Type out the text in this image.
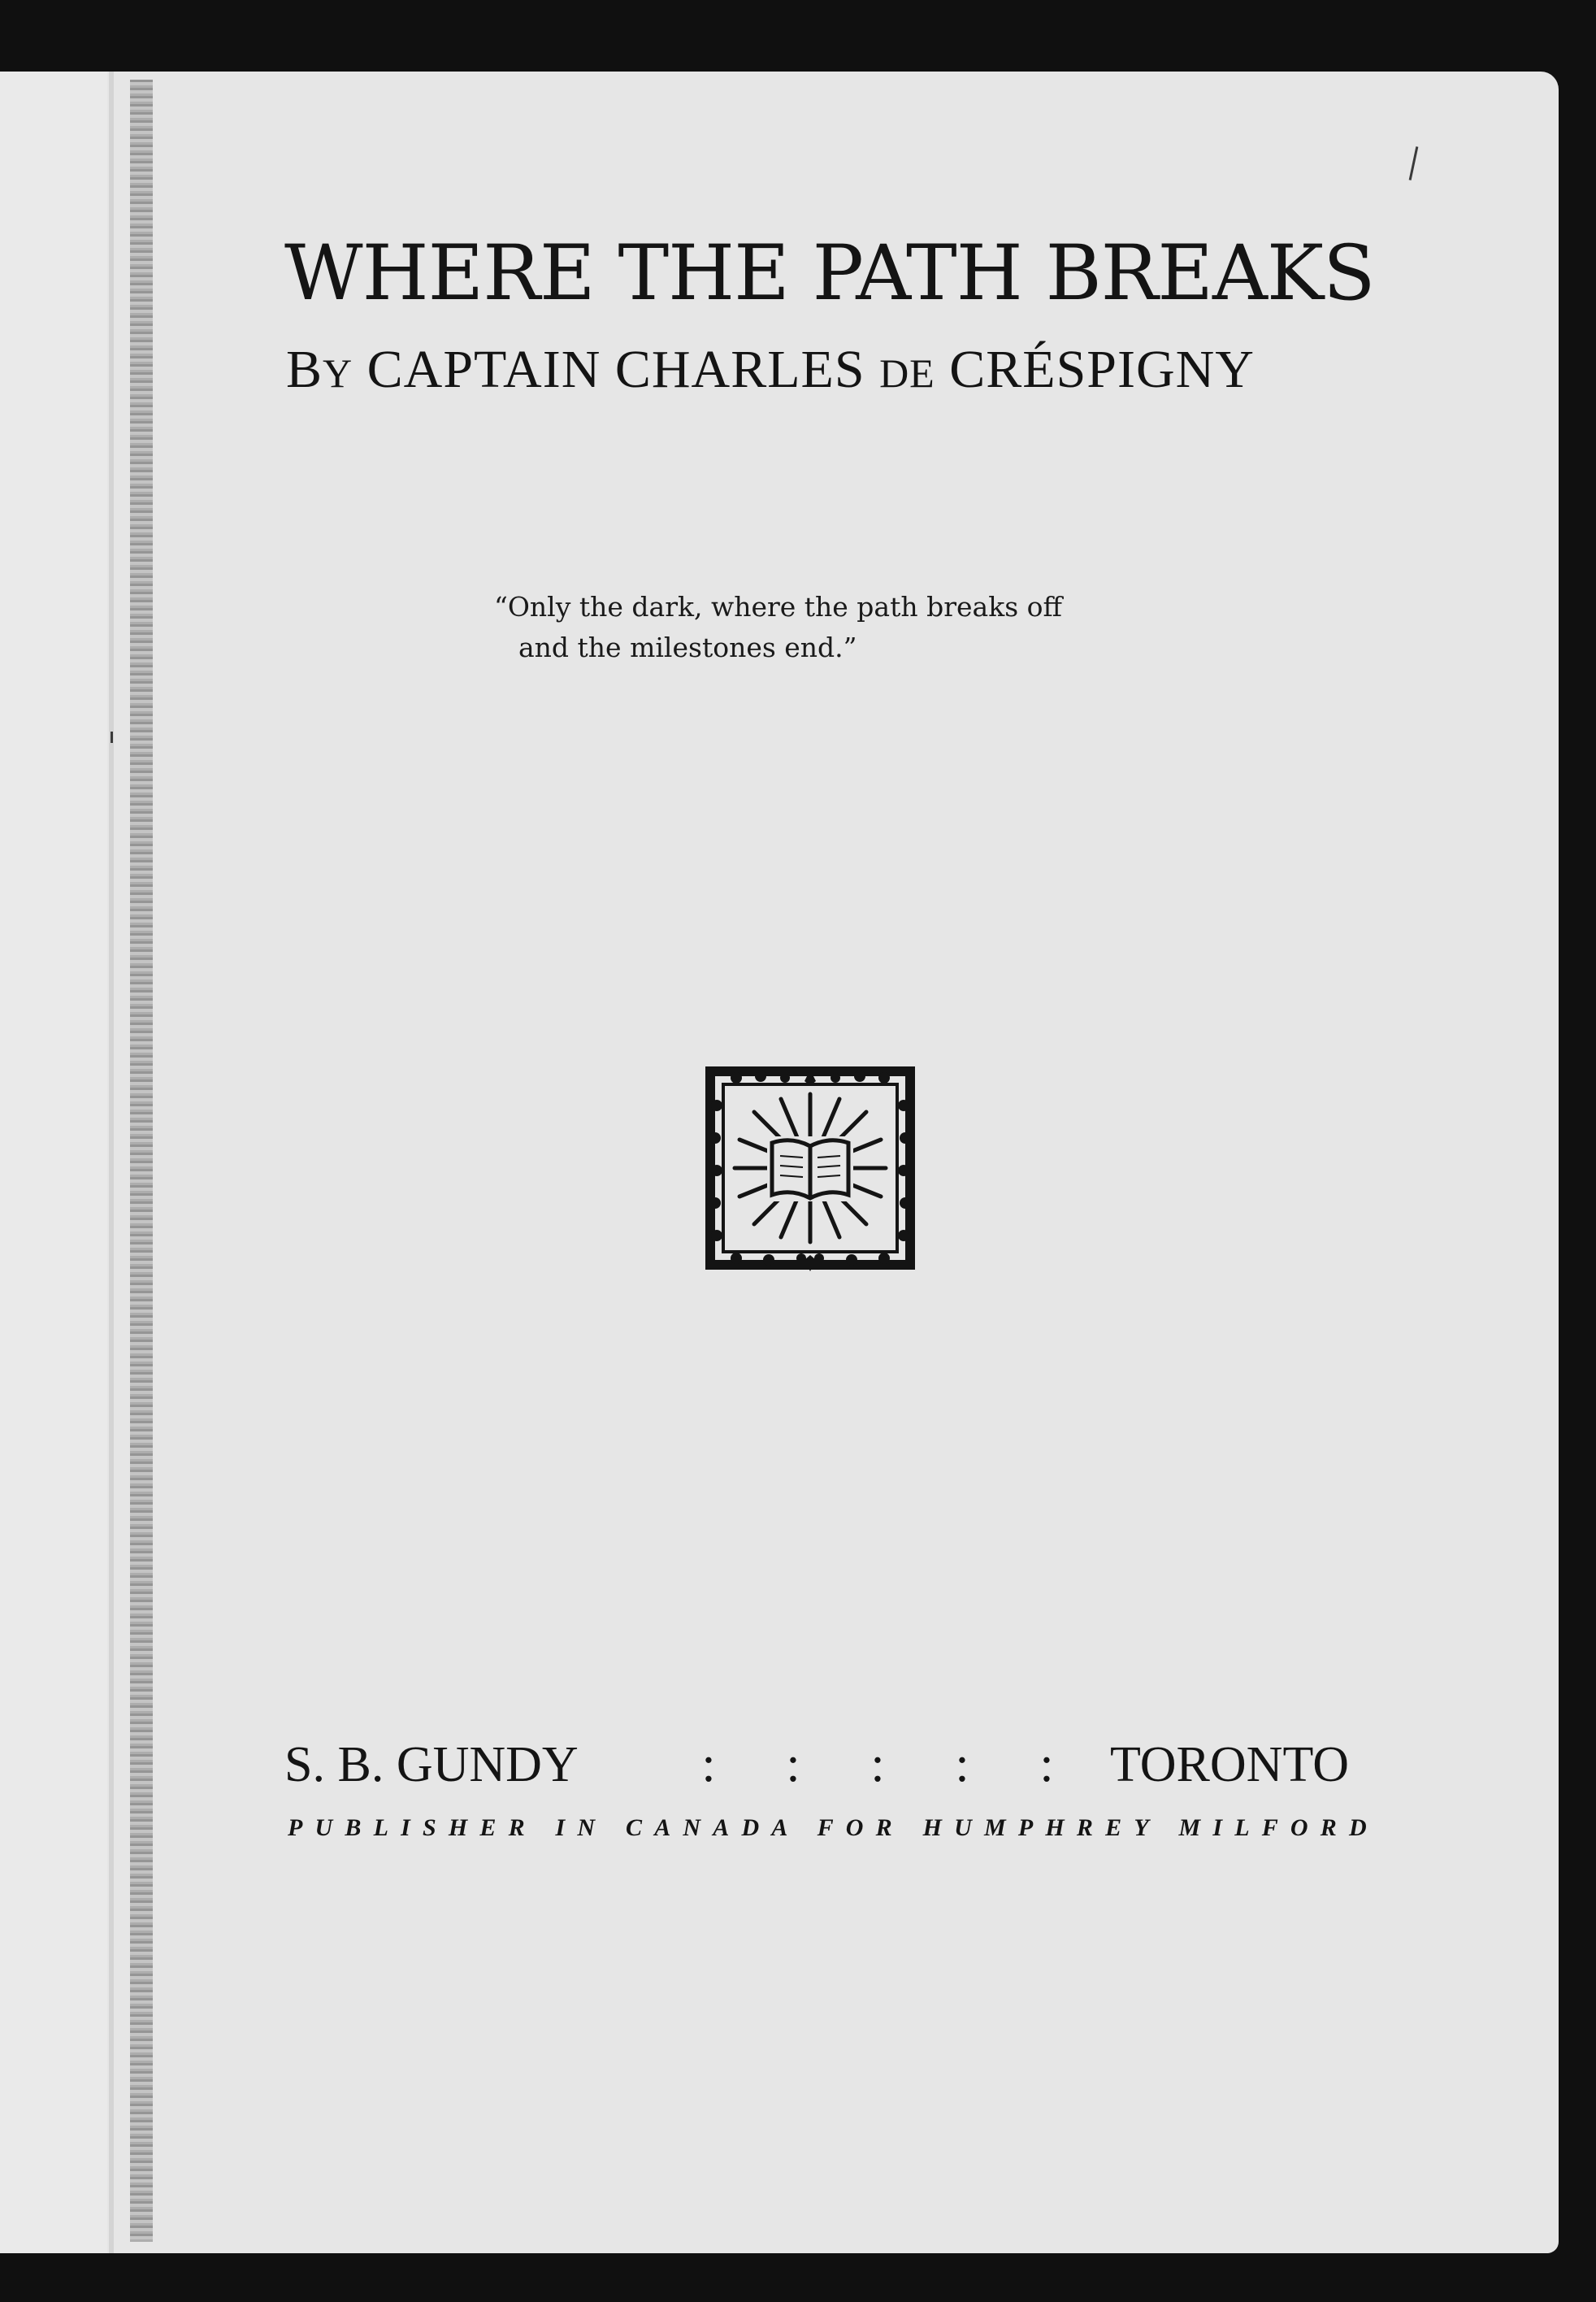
WHERE THE PATH BREAKS
BY CAPTAIN CHARLES DE CRÉSPIGNY
“Only the dark, where the path breaks off
and the milestones end.”
S. B. GUNDY	: : : : :	TORONTO
PUBLISHER IN CANADA FOR HUMPHREY MILFORD
